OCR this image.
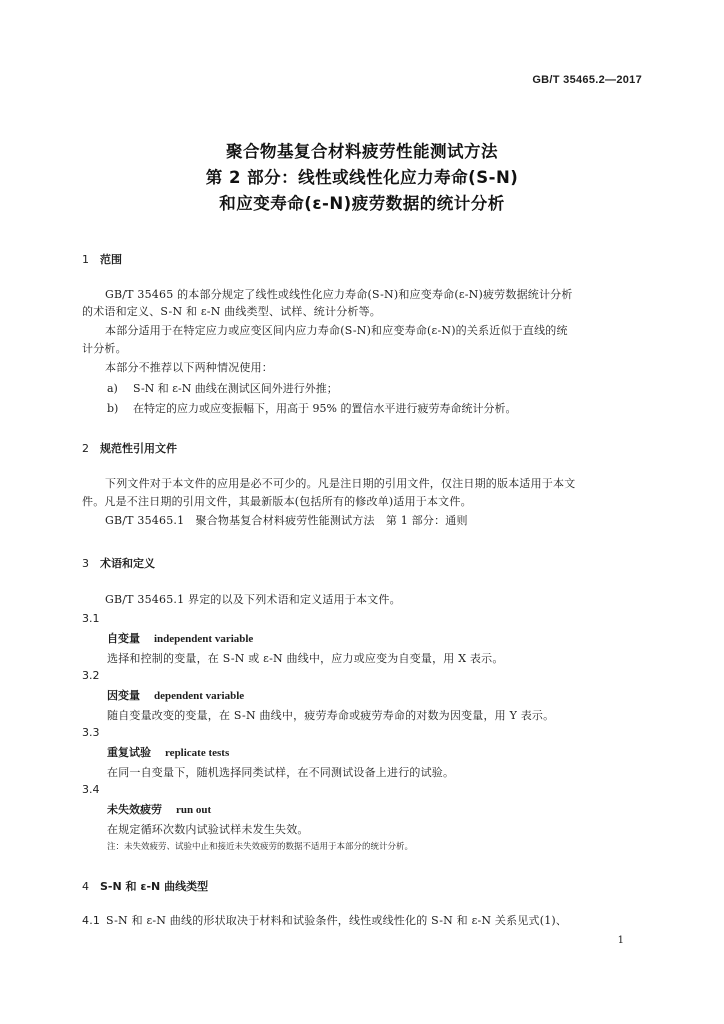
GB/T 35465.2—2017
聚合物基复合材料疲劳性能测试方法
第 2 部分：线性或线性化应力寿命(S-N)
和应变寿命(ε-N)疲劳数据的统计分析
1 范围
GB/T 35465 的本部分规定了线性或线性化应力寿命(S-N)和应变寿命(ε-N)疲劳数据统计分析
的术语和定义、S-N 和 ε-N 曲线类型、试样、统计分析等。
本部分适用于在特定应力或应变区间内应力寿命(S-N)和应变寿命(ε-N)的关系近似于直线的统
计分析。
本部分不推荐以下两种情况使用：
a) S-N 和 ε-N 曲线在测试区间外进行外推；
b) 在特定的应力或应变振幅下，用高于 95% 的置信水平进行疲劳寿命统计分析。
2 规范性引用文件
下列文件对于本文件的应用是必不可少的。凡是注日期的引用文件，仅注日期的版本适用于本文
件。凡是不注日期的引用文件，其最新版本(包括所有的修改单)适用于本文件。
GB/T 35465.1　聚合物基复合材料疲劳性能测试方法　第 1 部分：通则
3 术语和定义
GB/T 35465.1 界定的以及下列术语和定义适用于本文件。
3.1
自变量 independent variable
选择和控制的变量，在 S-N 或 ε-N 曲线中，应力或应变为自变量，用 X 表示。
3.2
因变量 dependent variable
随自变量改变的变量，在 S-N 曲线中，疲劳寿命或疲劳寿命的对数为因变量，用 Y 表示。
3.3
重复试验 replicate tests
在同一自变量下，随机选择同类试样，在不同测试设备上进行的试验。
3.4
未失效疲劳 run out
在规定循环次数内试验试样未发生失效。
注：未失效疲劳、试验中止和接近未失效疲劳的数据不适用于本部分的统计分析。
4 S-N 和 ε-N 曲线类型
4.1 S-N 和 ε-N 曲线的形状取决于材料和试验条件，线性或线性化的 S-N 和 ε-N 关系见式(1)、
1
